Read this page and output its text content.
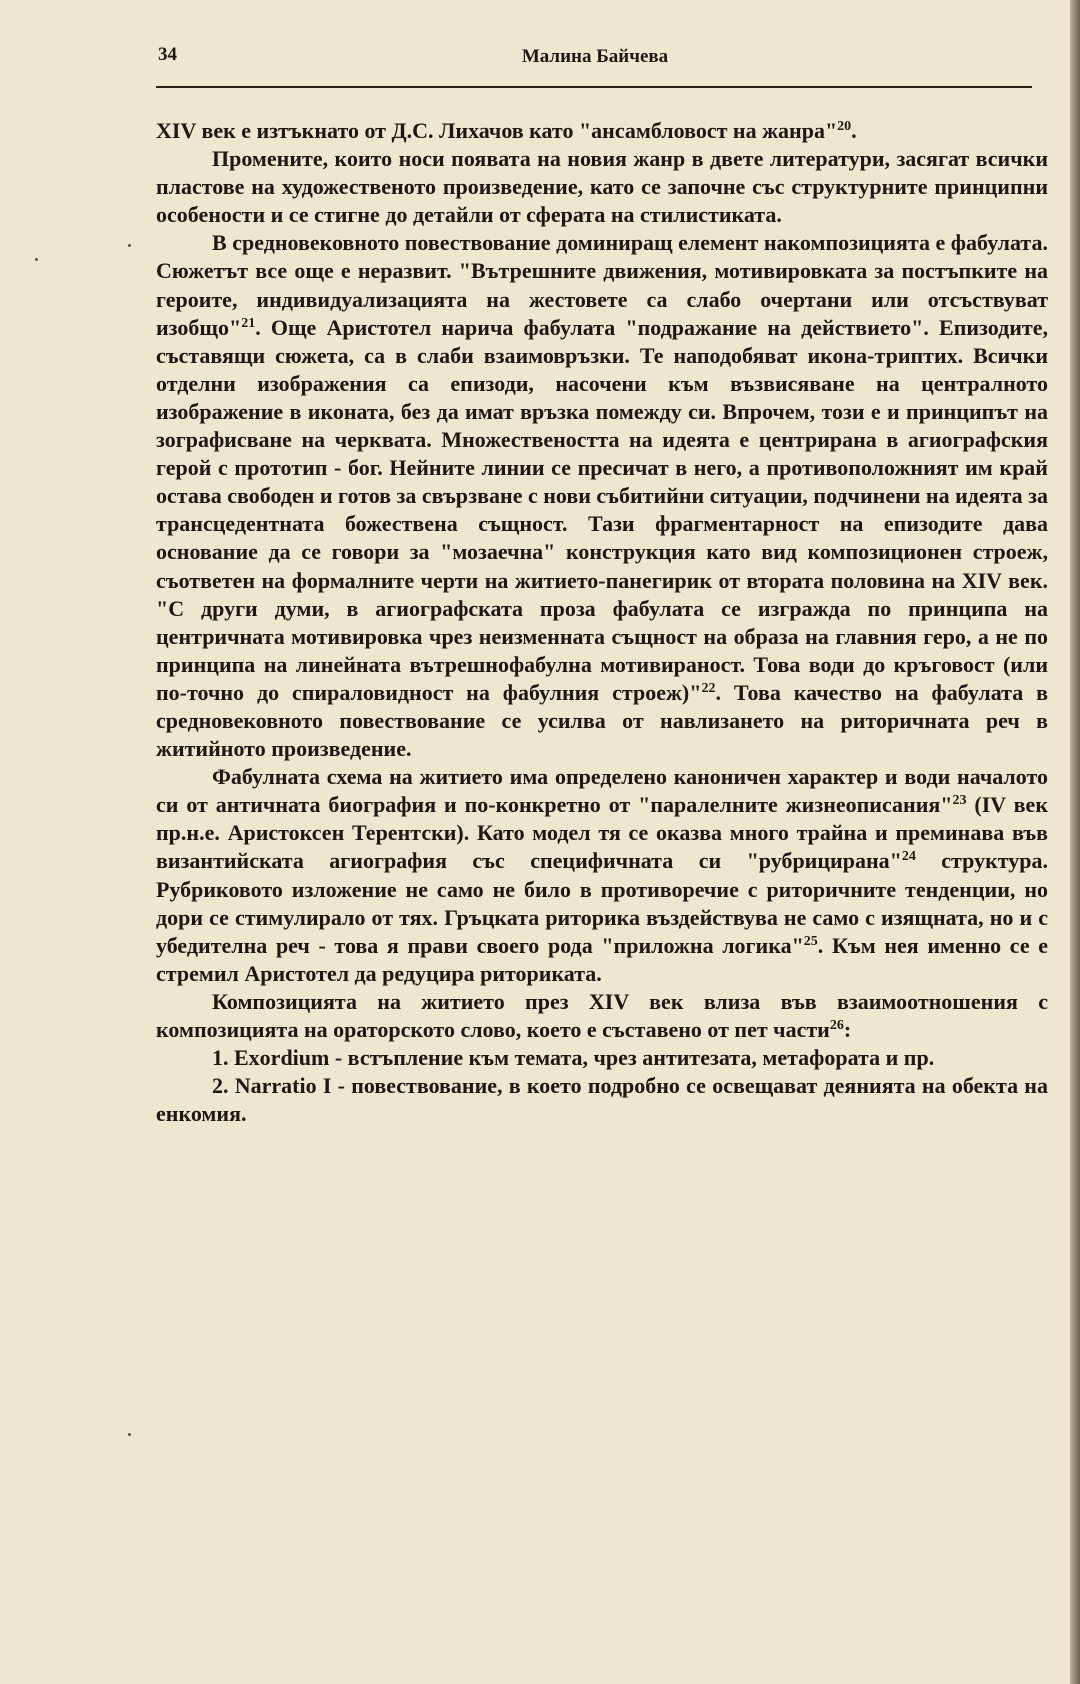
34	Малина Байчева

XIV век е изтъкнато от Д.С. Лихачов като "ансамбловост на жанра"$^{20}$.

Промените, които носи появата на новия жанр в двете литератури, засягат всички пластове на художественото произведение, като се започне със структурните принципни особености и се стигне до детайли от сферата на стилистиката.

В средновековното повествование доминиращ елемент накомпозицията е фабулата. Сюжетът все още е неразвит. "Вътрешните движения, мотивировката за постъпките на героите, индивидуализацията на жестовете са слабо очертани или отсъствуват изобщо"$^{21}$. Още Аристотел нарича фабулата "подражание на действието". Епизодите, съставящи сюжета, са в слаби взаимовръзки. Те наподобяват икона-триптих. Всички отделни изображения са епизоди, насочени към възвисяване на централното изображение в иконата, без да имат връзка помежду си. Впрочем, този е и принципът на зографисване на черквата. Множествеността на идеята е центрирана в агиографския герой с прототип - бог. Нейните линии се пресичат в него, а противоположният им край остава свободен и готов за свързване с нови събитийни ситуации, подчинени на идеята за трансцедентната божествена същност. Тази фрагментарност на епизодите дава основание да се говори за "мозаечна" конструкция като вид композиционен строеж, съответен на формалните черти на житието-панегирик от втората половина на XIV век. "С други думи, в агиографската проза фабулата се изгражда по принципа на центричната мотивировка чрез неизменната същност на образа на главния геро, а не по принципа на линейната вътрешнофабулна мотивираност. Това води до кръговост (или по-точно до спираловидност на фабулния строеж)"$^{22}$. Това качество на фабулата в средновековното повествование се усилва от навлизането на риторичната реч в житийното произведение.

Фабулната схема на житието има определено каноничен характер и води началото си от античната биография и по-конкретно от "паралелните жизнеописания"$^{23}$ (IV век пр.н.е. Аристоксен Терентски). Като модел тя се оказва много трайна и преминава във византийската агиография със специфичната си "рубрицирана"$^{24}$ структура. Рубриковото изложение не само не било в противоречие с риторичните тенденции, но дори се стимулирало от тях. Гръцката риторика въздействува не само с изящната, но и с убедителна реч - това я прави своего рода "приложна логика"$^{25}$. Към нея именно се е стремил Аристотел да редуцира риториката.

Композицията на житието през XIV век влиза във взаимоотношения с композицията на ораторското слово, което е съставено от пет части$^{26}$:

1. Exordium - встъпление към темата, чрез антитезата, метафората и пр.

2. Narratio I - повествование, в което подробно се освещават деянията на обекта на енкомия.
